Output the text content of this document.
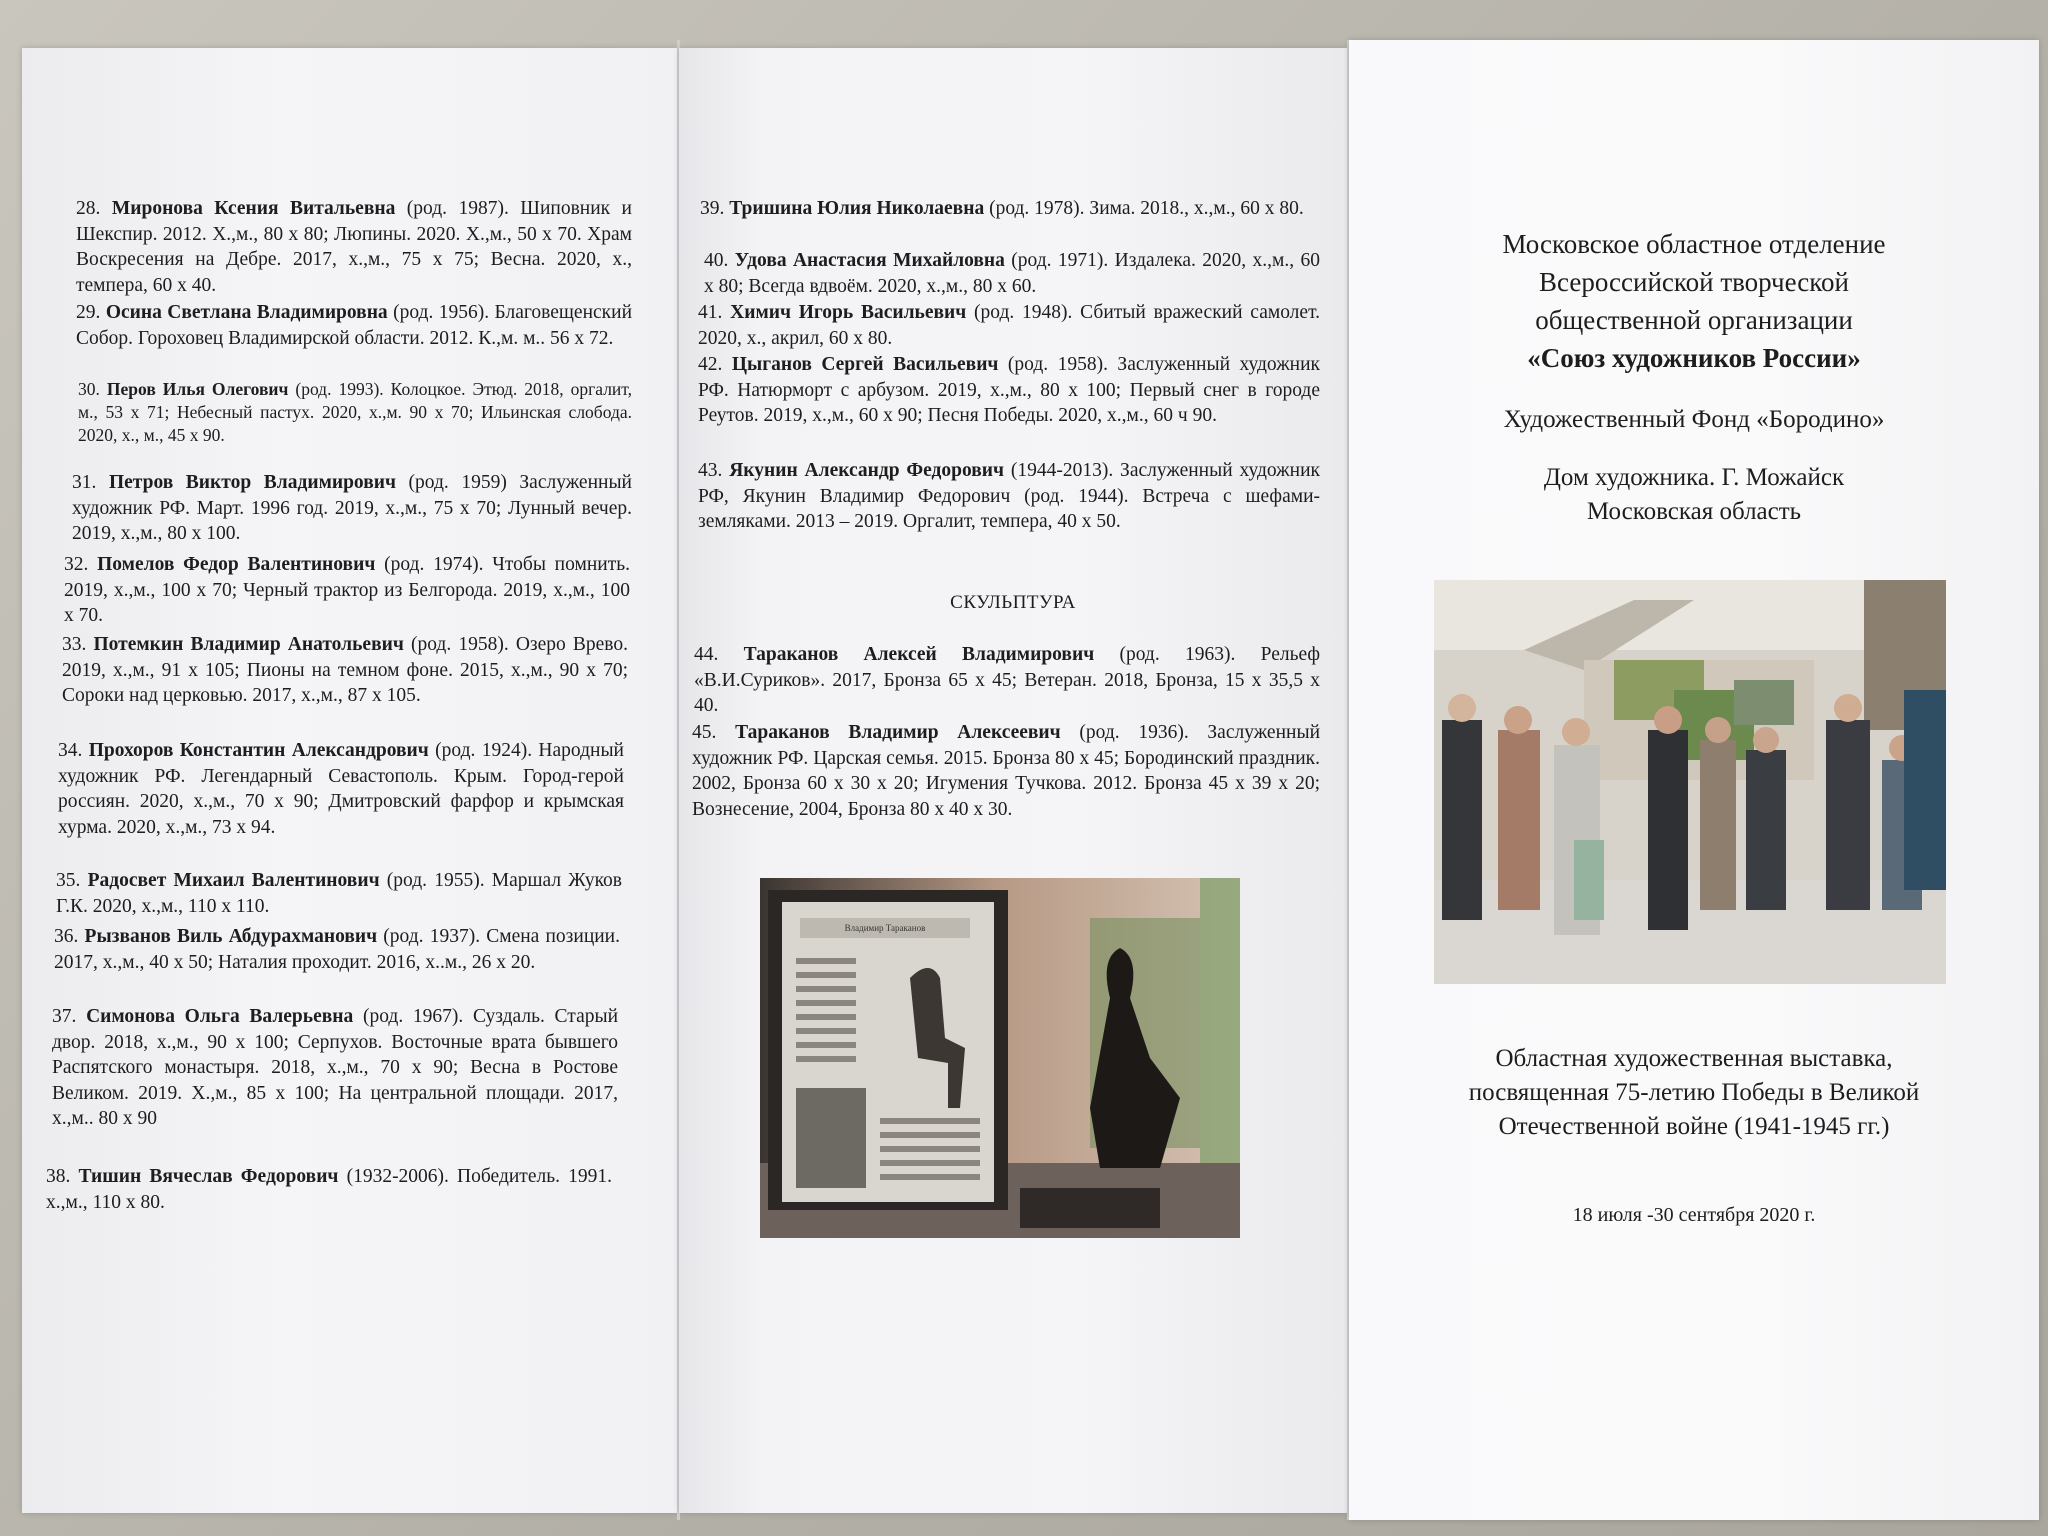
28. Миронова Ксения Витальевна (род. 1987). Шиповник и Шекспир. 2012. Х.,м., 80 х 80; Люпины. 2020. Х.,м., 50 х 70. Храм Воскресения на Дебре. 2017, х.,м., 75 х 75; Весна. 2020, х., темпера, 60 х 40.
29. Осина Светлана Владимировна (род. 1956). Благовещенский Собор. Гороховец Владимирской области. 2012. К.,м. м.. 56 х 72.
30. Перов Илья Олегович (род. 1993). Колоцкое. Этюд. 2018, оргалит, м., 53 х 71; Небесный пастух. 2020, х.,м. 90 х 70; Ильинская слобода. 2020, х., м., 45 х 90.
31. Петров Виктор Владимирович (род. 1959) Заслуженный художник РФ. Март. 1996 год. 2019, х.,м., 75 х 70; Лунный вечер. 2019, х.,м., 80 х 100.
32. Помелов Федор Валентинович (род. 1974). Чтобы помнить. 2019, х.,м., 100 х 70; Черный трактор из Белгорода. 2019, х.,м., 100 х 70.
33. Потемкин Владимир Анатольевич (род. 1958). Озеро Врево. 2019, х.,м., 91 х 105; Пионы на темном фоне. 2015, х.,м., 90 х 70; Сороки над церковью. 2017, х.,м., 87 х 105.
34. Прохоров Константин Александрович (род. 1924). Народный художник РФ. Легендарный Севастополь. Крым. Город-герой россиян. 2020, х.,м., 70 х 90; Дмитровский фарфор и крымская хурма. 2020, х.,м., 73 х 94.
35. Радосвет Михаил Валентинович (род. 1955). Маршал Жуков Г.К. 2020, х.,м., 110 х 110.
36. Рызванов Виль Абдурахманович (род. 1937). Смена позиции. 2017, х.,м., 40 х 50; Наталия проходит. 2016, х..м., 26 х 20.
37. Симонова Ольга Валерьевна (род. 1967). Суздаль. Старый двор. 2018, х.,м., 90 х 100; Серпухов. Восточные врата бывшего Распятского монастыря. 2018, х.,м., 70 х 90; Весна в Ростове Великом. 2019. Х.,м., 85 х 100; На центральной площади. 2017, х.,м.. 80 х 90
38. Тишин Вячеслав Федорович (1932-2006). Победитель. 1991. х.,м., 110 х 80.
39. Тришина Юлия Николаевна (род. 1978). Зима. 2018., х.,м., 60 х 80.
40. Удова Анастасия Михайловна (род. 1971). Издалека. 2020, х.,м., 60 х 80; Всегда вдвоём. 2020, х.,м., 80 х 60.
41. Химич Игорь Васильевич (род. 1948). Сбитый вражеский самолет. 2020, х., акрил, 60 х 80.
42. Цыганов Сергей Васильевич (род. 1958). Заслуженный художник РФ. Натюрморт с арбузом. 2019, х.,м., 80 х 100; Первый снег в городе Реутов. 2019, х.,м., 60 х 90; Песня Победы. 2020, х.,м., 60 ч 90.
43. Якунин Александр Федорович (1944-2013). Заслуженный художник РФ, Якунин Владимир Федорович (род. 1944). Встреча с шефами-земляками. 2013 – 2019. Оргалит, темпера, 40 х 50.
СКУЛЬПТУРА
44. Тараканов Алексей Владимирович (род. 1963). Рельеф «В.И.Суриков». 2017, Бронза 65 х 45; Ветеран. 2018, Бронза, 15 х 35,5 х 40.
45. Тараканов Владимир Алексеевич (род. 1936). Заслуженный художник РФ. Царская семья. 2015. Бронза 80 х 45; Бородинский праздник. 2002, Бронза 60 х 30 х 20; Игумения Тучкова. 2012. Бронза 45 х 39 х 20; Вознесение, 2004, Бронза 80 х 40 х 30.
Владимир Тараканов
Московское областное отделение
Всероссийской творческой
общественной организации
«Союз художников России»
Художественный Фонд «Бородино»
Дом художника. Г. Можайск
Московская область
Областная художественная выставка,
посвященная 75-летию Победы в Великой
Отечественной войне (1941-1945 гг.)
18 июля -30 сентября 2020 г.
